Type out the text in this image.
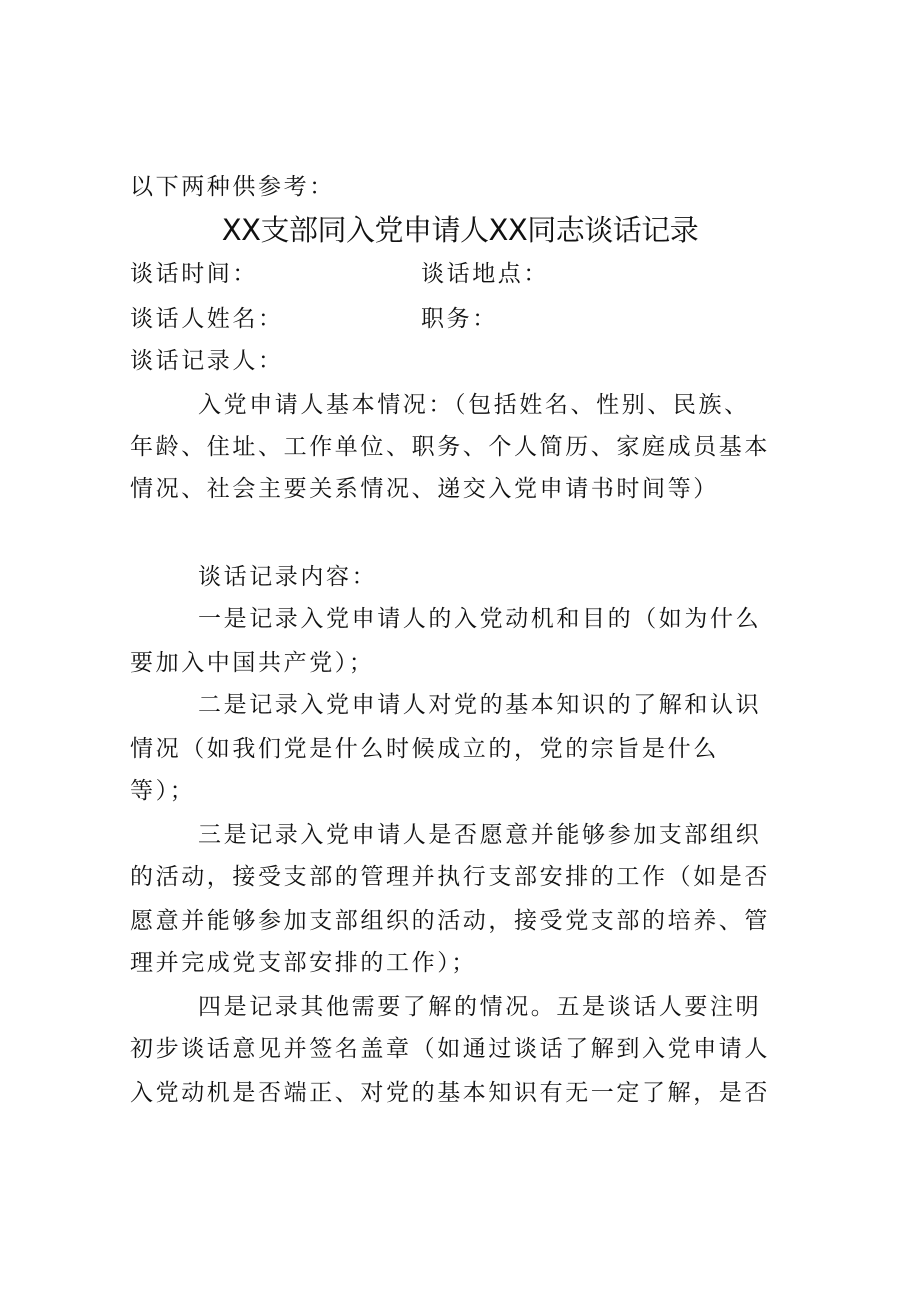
以下两种供参考：
XX支部同入党申请人XX同志谈话记录
谈话时间：	谈话地点：
谈话人姓名：	职务：
谈话记录人：
入党申请人基本情况：（包括姓名、性别、民族、
年龄、住址、工作单位、职务、个人简历、家庭成员基本
情况、社会主要关系情况、递交入党申请书时间等）
谈话记录内容：
一是记录入党申请人的入党动机和目的（如为什么
要加入中国共产党）；
二是记录入党申请人对党的基本知识的了解和认识
情况（如我们党是什么时候成立的，党的宗旨是什么
等）；
三是记录入党申请人是否愿意并能够参加支部组织
的活动，接受支部的管理并执行支部安排的工作（如是否
愿意并能够参加支部组织的活动，接受党支部的培养、管
理并完成党支部安排的工作）；
四是记录其他需要了解的情况。五是谈话人要注明
初步谈话意见并签名盖章（如通过谈话了解到入党申请人
入党动机是否端正、对党的基本知识有无一定了解，是否
